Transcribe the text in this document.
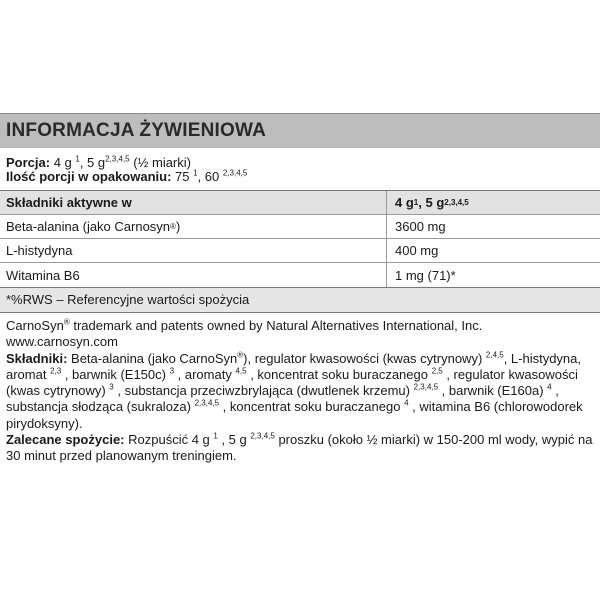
INFORMACJA ŻYWIENIOWA
Porcja: 4 g $^1$, 5 $g^{2,3,4,5}$ (½ miarki)
Ilość porcji w opakowaniu: 75 $^1$, 60 $^{2,3,4,5}$
Składniki aktywne w	4 g 1 , 5 g 2,3,4,5
Beta-alanina (jako Carnosyn ® )	3600 mg
L-histydyna	400 mg
Witamina B6	1 mg (71)*
*%RWS – Referencyjne wartości spożycia
CarnoSyn® trademark and patents owned by Natural Alternatives International, Inc.
www.carnosyn.com
Składniki: Beta-alanina (jako CarnoSyn®), regulator kwasowości (kwas cytrynowy) $^{2,4,5}$, L-histydyna, aromat $^{2,3}$ , barwnik (E150c) $^3$ , aromaty $^{4,5}$ , koncentrat soku buraczanego $^{2,5}$ , regulator kwasowości (kwas cytrynowy) $^3$ , substancja przeciwzbrylająca (dwutlenek krzemu) $^{2,3,4,5}$ , barwnik (E160a) $^4$ , substancja słodząca (sukraloza) $^{2,3,4,5}$ , koncentrat soku buraczanego $^4$ , witamina B6 (chlorowodorek pirydoksyny).
Zalecane spożycie: Rozpuścić 4 g $^1$ , 5 g $^{2,3,4,5}$ proszku (około ½ miarki) w 150-200 ml wody, wypić na 30 minut przed planowanym treningiem.
